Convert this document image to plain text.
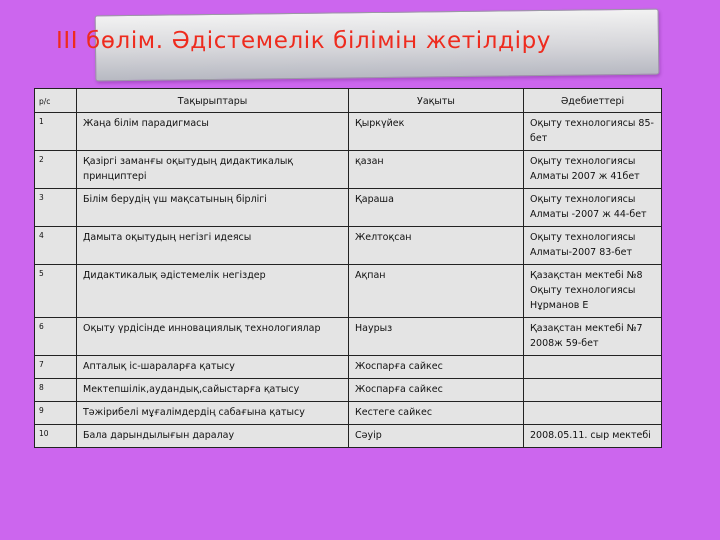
ІІІ бөлім. Әдістемелік білімін жетілдіру
р/с	Тақырыптары	Уақыты	Әдебиеттері
1	Жаңа білім парадигмасы	Қыркүйек	Оқыту технологиясы 85-бет
2	Қазіргі заманғы оқытудың дидактикалық принциптері	қазан	Оқыту технологиясы Алматы 2007 ж 41бет
3	Білім берудің үш мақсатының бірлігі	Қараша	Оқыту технологиясы Алматы -2007 ж 44-бет
4	Дамыта оқытудың негізгі идеясы	Желтоқсан	Оқыту технологиясы Алматы-2007 83-бет
5	Дидактикалық әдістемелік негіздер	Ақпан	Қазақстан мектебі №8 Оқыту технологиясы Нұрманов Е
6	Оқыту үрдісінде инновациялық технологиялар	Наурыз	Қазақстан мектебі №7 2008ж 59-бет
7	Апталық іс-шараларға қатысу	Жоспарға сайкес	
8	Мектепшілік,аудандық,сайыстарға қатысу	Жоспарға сайкес	
9	Тәжірибелі мұғалімдердің сабағына қатысу	Кестеге сайкес	
10	Бала дарындылығын даралау	Сәуір	2008.05.11. сыр мектебі
